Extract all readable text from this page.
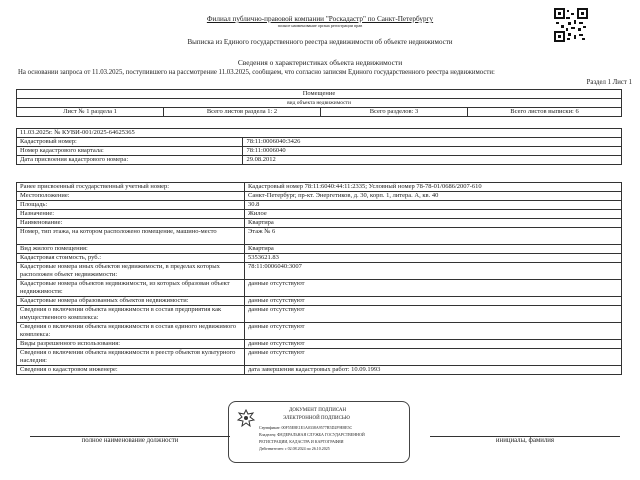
Филиал публично-правовой компании "Роскадастр" по Санкт-Петербургу
полное наименование органа регистрации прав
Выписка из Единого государственного реестра недвижимости об объекте недвижимости
Сведения о характеристиках объекта недвижимости
На основании запроса от 11.03.2025, поступившего на рассмотрение 11.03.2025, сообщаем, что согласно записям Единого государственного реестра недвижимости:
Раздел 1 Лист 1
Помещение
вид объекта недвижимости
Лист № 1 раздела 1	Всего листов раздела 1: 2	Всего разделов: 3	Всего листов выписки: 6
11.03.2025г. № КУВИ-001/2025-64625365	
Кадастровый номер:	78:11:0006040:3426
Номер кадастрового квартала:	78:11:0006040
Дата присвоения кадастрового номера:	29.08.2012
Ранее присвоенный государственный учетный номер:	Кадастровый номер 78:11:6040:44:11:2335; Условный номер 78-78-01/0686/2007-610
Местоположение:	Санкт-Петербург, пр-кт. Энергетиков, д. 30, корп. 1, литера. А, кв. 40
Площадь:	30.8
Назначение:	Жилое
Наименование:	Квартира
Номер, тип этажа, на котором расположено помещение, машино-место	Этаж № 6
Вид жилого помещения:	Квартира
Кадастровая стоимость, руб.:	5353621.83
Кадастровые номера иных объектов недвижимости, в пределах которых расположен объект недвижимости:	78:11:0006040:3007
Кадастровые номера объектов недвижимости, из которых образован объект недвижимости:	данные отсутствуют
Кадастровые номера образованных объектов недвижимости:	данные отсутствуют
Сведения о включении объекта недвижимости в состав предприятия как имущественного комплекса:	данные отсутствуют
Сведения о включении объекта недвижимости в состав единого недвижимого комплекса:	данные отсутствуют
Виды разрешенного использования:	данные отсутствуют
Сведения о включении объекта недвижимости в реестр объектов культурного наследия:	данные отсутствуют
Сведения о кадастровом инженере:	дата завершения кадастровых работ: 10.09.1993
ДОКУМЕНТ ПОДПИСАН
ЭЛЕКТРОННОЙ ПОДПИСЬЮ
Сертификат: 00F55E8E1E1A0338A9577B5D2F9E8E5C
Владелец: ФЕДЕРАЛЬНАЯ СЛУЖБА ГОСУДАРСТВЕННОЙ
РЕГИСТРАЦИИ, КАДАСТРА И КАРТОГРАФИИ
Действителен: с 02.08.2024 по 26.10.2025
полное наименование должности	инициалы, фамилия
